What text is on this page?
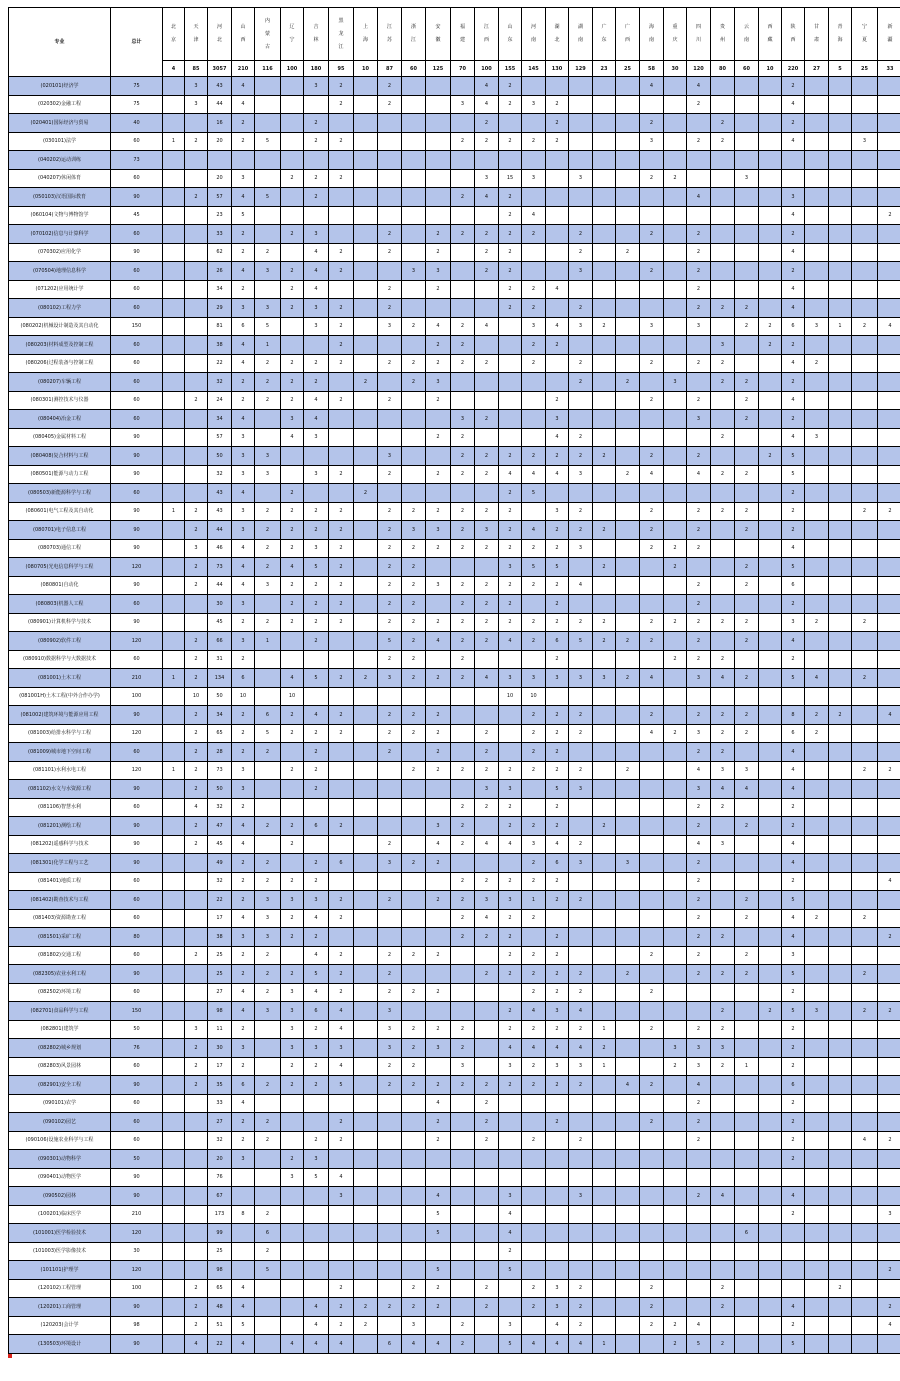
专业	总计	北京	天津	河北	山西	内蒙古	辽宁	吉林	黑龙江	上海	江苏	浙江	安徽	福建	江西	山东	河南	湖北	湖南	广东	广西	海南	重庆	四川	贵州	云南	西藏	陕西	甘肃	青海	宁夏	新疆

		4	85	3057	210	116	100	180	95	10	87	60	125	70	100	155	145	130	129	23	25	58	30	120	80	60	10	220	27	5	25	33
(020101)经济学	75		3	43	4			3	2		2				4	2						4		4				2				
(020302)金融工程	75		3	44	4				2		2			3	4	2	3	2						2				4				
(020401)国际经济与贸易	40			16	2			2							2			2				2			2			2				
(030101)法学	60	1	2	20	2	5		2	2					2	2	2	2	2				3		2	2			4			3	
(040202)运动训练	73																															
(040207)休闲体育	60			20	3		2	2	2						3	15	3		3			2	2			3						
(050103)汉语国际教育	90		2	57	4	5		2						2	4	2								4				3				
(060104)文物与博物馆学	45			23	5											2	4											4				2
(070102)信息与计算科学	60			33	2		2	3			2		2	2	2	2	2		2			2		2				2				
(070302)应用化学	90			62	2	2		4	2		2		2		2	2			2		2			2				4				
(070504)地理信息科学	60			26	4	3	2	4	2			3	3		2	2			3			2		2				2				
(071202)应用统计学	60			34	2		2	4			2		2			2	2	4						2				4				
(080102)工程力学	60			29	3	3	2	3	2		2					2	2		2					2	2	2		4				
(080202)机械设计制造及其自动化	150			81	6	5		3	2		3	2	4	2	4		3	4	3	2		3		3		2	2	6	3	1	2	4
(080203)材料成型及控制工程	60			38	4	1			2				2	2			2	2							3		2	2				
(080206)过程装备与控制工程	60			22	4	2	2	2	2		2	2	2	2	2		2		2			2		2	2			4	2			
(080207)车辆工程	60			32	2	2	2	2		2		2	3						2		2		3		2	2		2				
(080301)测控技术与仪器	60		2	24	2	2	2	4	2		2		2					2				2		2		2		4				
(080404)冶金工程	60			34	4		3	4						3	2			3						3		2		2				
(080405)金属材料工程	90			57	3		4	3					2	2				4	2						2			4	3			
(080408)复合材料与工程	90			50	3	3					3			2	2	2	2	2	2	2		2		2			2	5				
(080501)能源与动力工程	90			32	3	3		3	2		2		2	2	2	4	4	4	3		2	4		4	2	2		5				
(080503)新能源科学与工程	60			43	4		2			2						2	5											2				
(080601)电气工程及其自动化	90	1	2	43	3	2	2	2	2		2	2	2	2	2	2		3	2			2		2	2	2		2			2	2
(080701)电子信息工程	90		2	44	3	2	2	2	2		2	3	3	2	3	2	4	2	2	2		2		2		2		2				
(080703)通信工程	90		3	46	4	2	2	3	2		2	2	2	2	2	2	2	2	3			2	2	2				4				
(080705)光电信息科学与工程	120		2	73	4	2	4	5	2		2	2				3	5	5		2			2			2		5				
(080801)自动化	90		2	44	4	3	2	2	2		2	2	3	2	2	2	2	2	4					2		2		6				
(080803)机器人工程	60			30	3		2	2	2		2	2		2	2	2		2						2				2				
(080901)计算机科学与技术	90			45	2	2	2	2	2		2	2	2	2	2	2	2	2	2	2		2	2	2	2	2		3	2		2	
(080902)软件工程	120		2	66	3	1		2			5	2	4	2	2	4	2	6	5	2	2	2		2		2		4				
(080910)数据科学与大数据技术	60		2	31	2						2	2		2				2					2	2	2			2				
(081001)土木工程	210	1	2	134	6		4	5	2	2	3	2	2	2	4	3	3	3	3	3	2	4		3	4	2		5	4		2	
(081001H)土木工程(中外合作办学)	100		10	50	10		10									10	10															
(081002)建筑环境与能源应用工程	90		2	34	2	6	2	4	2		2	2	2				2	2	2			2		2	2	2		8	2	2		4
(081003)给排水科学与工程	120		2	65	2	5	2	2	2		2	2	2		2		2	2	2			4	2	3	2	2		6	2			
(081009)城市地下空间工程	60		2	28	2	2		2			2		2		2		2	2						2	2			4				
(081101)水利水电工程	120	1	2	73	3		2	2				2	2	2	2	2	2	2	2		2			4	3	3		4			2	2
(081102)水文与水资源工程	90		2	50	3			2							3	3		5	3					3	4	4		4				
(081106)智慧水利	60		4	32	2									2	2	2		2						2	2			2				
(081201)测绘工程	90		2	47	4	2	2	6	2				3	2		2	2	2		2				2		2		2				
(081202)遥感科学与技术	90		2	45	4		2				2		4	2	4	4	3	4	2					4	3			4				
(081301)化学工程与工艺	90			49	2	2		2	6		3	2	2				2	6	3		3			2				4				
(081401)地质工程	60			32	2	2	2	2						2	2	2	2	2						2				2				4
(081402)勘查技术与工程	60			22	2	3	3	3	2		2		2	2	3	3	1	2	2					2		2		5				
(081403)资源勘查工程	60			17	4	3	2	4	2					2	4	2	2							2		2		4	2		2	
(081501)采矿工程	80			38	3	3	2	2						2	2	2		2						2	2			4				2
(081802)交通工程	60		2	25	2	2		4	2		2	2	2			2	2	2				2		2		2		3				
(082305)农业水利工程	90			25	2	2	2	5	2		2				2	2	2	2	2		2			2	2	2		5			2	
(082502)环境工程	60			27	4	2	3	4	2		2	2	2				2	2	2			2						2				
(082701)食品科学与工程	150			98	4	3	3	6	4		3					2	4	3	4						2		2	5	3		2	2
(082801)建筑学	50		3	11	2		3	2	4		3	2	2	2		2	2	2	2	1		2		2	2			2				
(082802)城乡规划	76		2	30	3		3	3	3		3	2	3	2		4	4	4	4	2			3	3	3			2				
(082803)风景园林	60		2	17	2		2	2	4		2	2		3		3	2	3	3	1			2	3	2	1		2				
(082901)安全工程	90		2	35	6	2	2	2	5		2	2	2	2	2	2	2	2	2		4	2		4				6				
(090101)农学	60			33	4								4		2									2				2				
(090102)园艺	60			27	2	2			2				2		2			2				2		2				2				
(090106)设施农业科学与工程	60			32	2	2		2	2				2		2		2		2					2				2			4	2
(090301)动物科学	50			20	3		2	3																				2				
(090401)动物医学	90			76			3	5	4																							
(090502)园林	90			67					3				4			3			3					2	4			4				
(100201)临床医学	210			173	8	2							5			4												2				3
(101001)医学检验技术	120			99		6							5			4										6						
(101003)医学影像技术	30			25		2										2																
(101101)护理学	120			98		5							5			5																2
(120102)工程管理	100		2	65	4				2			2	2		2		2	3	2			2			2					2		
(120201)工商管理	90		2	48	4			4	2	2	2	2	2		2		2	3	2			2			2			4				2
(120203)会计学	98		2	51	5			4	2	2		3		2		3		4	2			2	2	4				2				4
(130503)环境设计	90		4	22	4		4	4	4		6	4	4	2		5	4	4	4	1			2	5	2			5				
